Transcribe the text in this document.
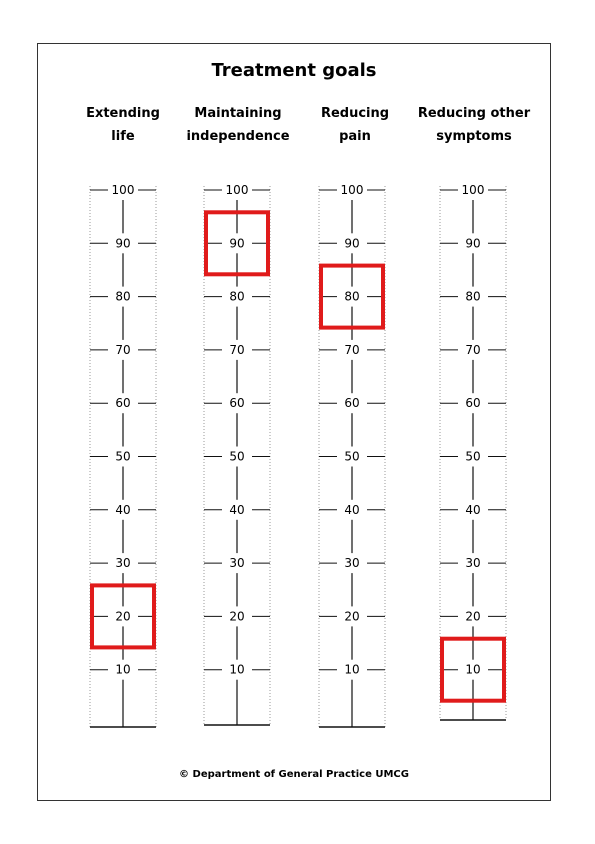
Treatment goals
Extending
life
Maintaining
independence
Reducing
pain
Reducing other
symptoms
© Department of General Practice UMCG
100
90
80
70
60
50
40
30
20
10
100
90
80
70
60
50
40
30
20
10
100
90
80
70
60
50
40
30
20
10
100
90
80
70
60
50
40
30
20
10
